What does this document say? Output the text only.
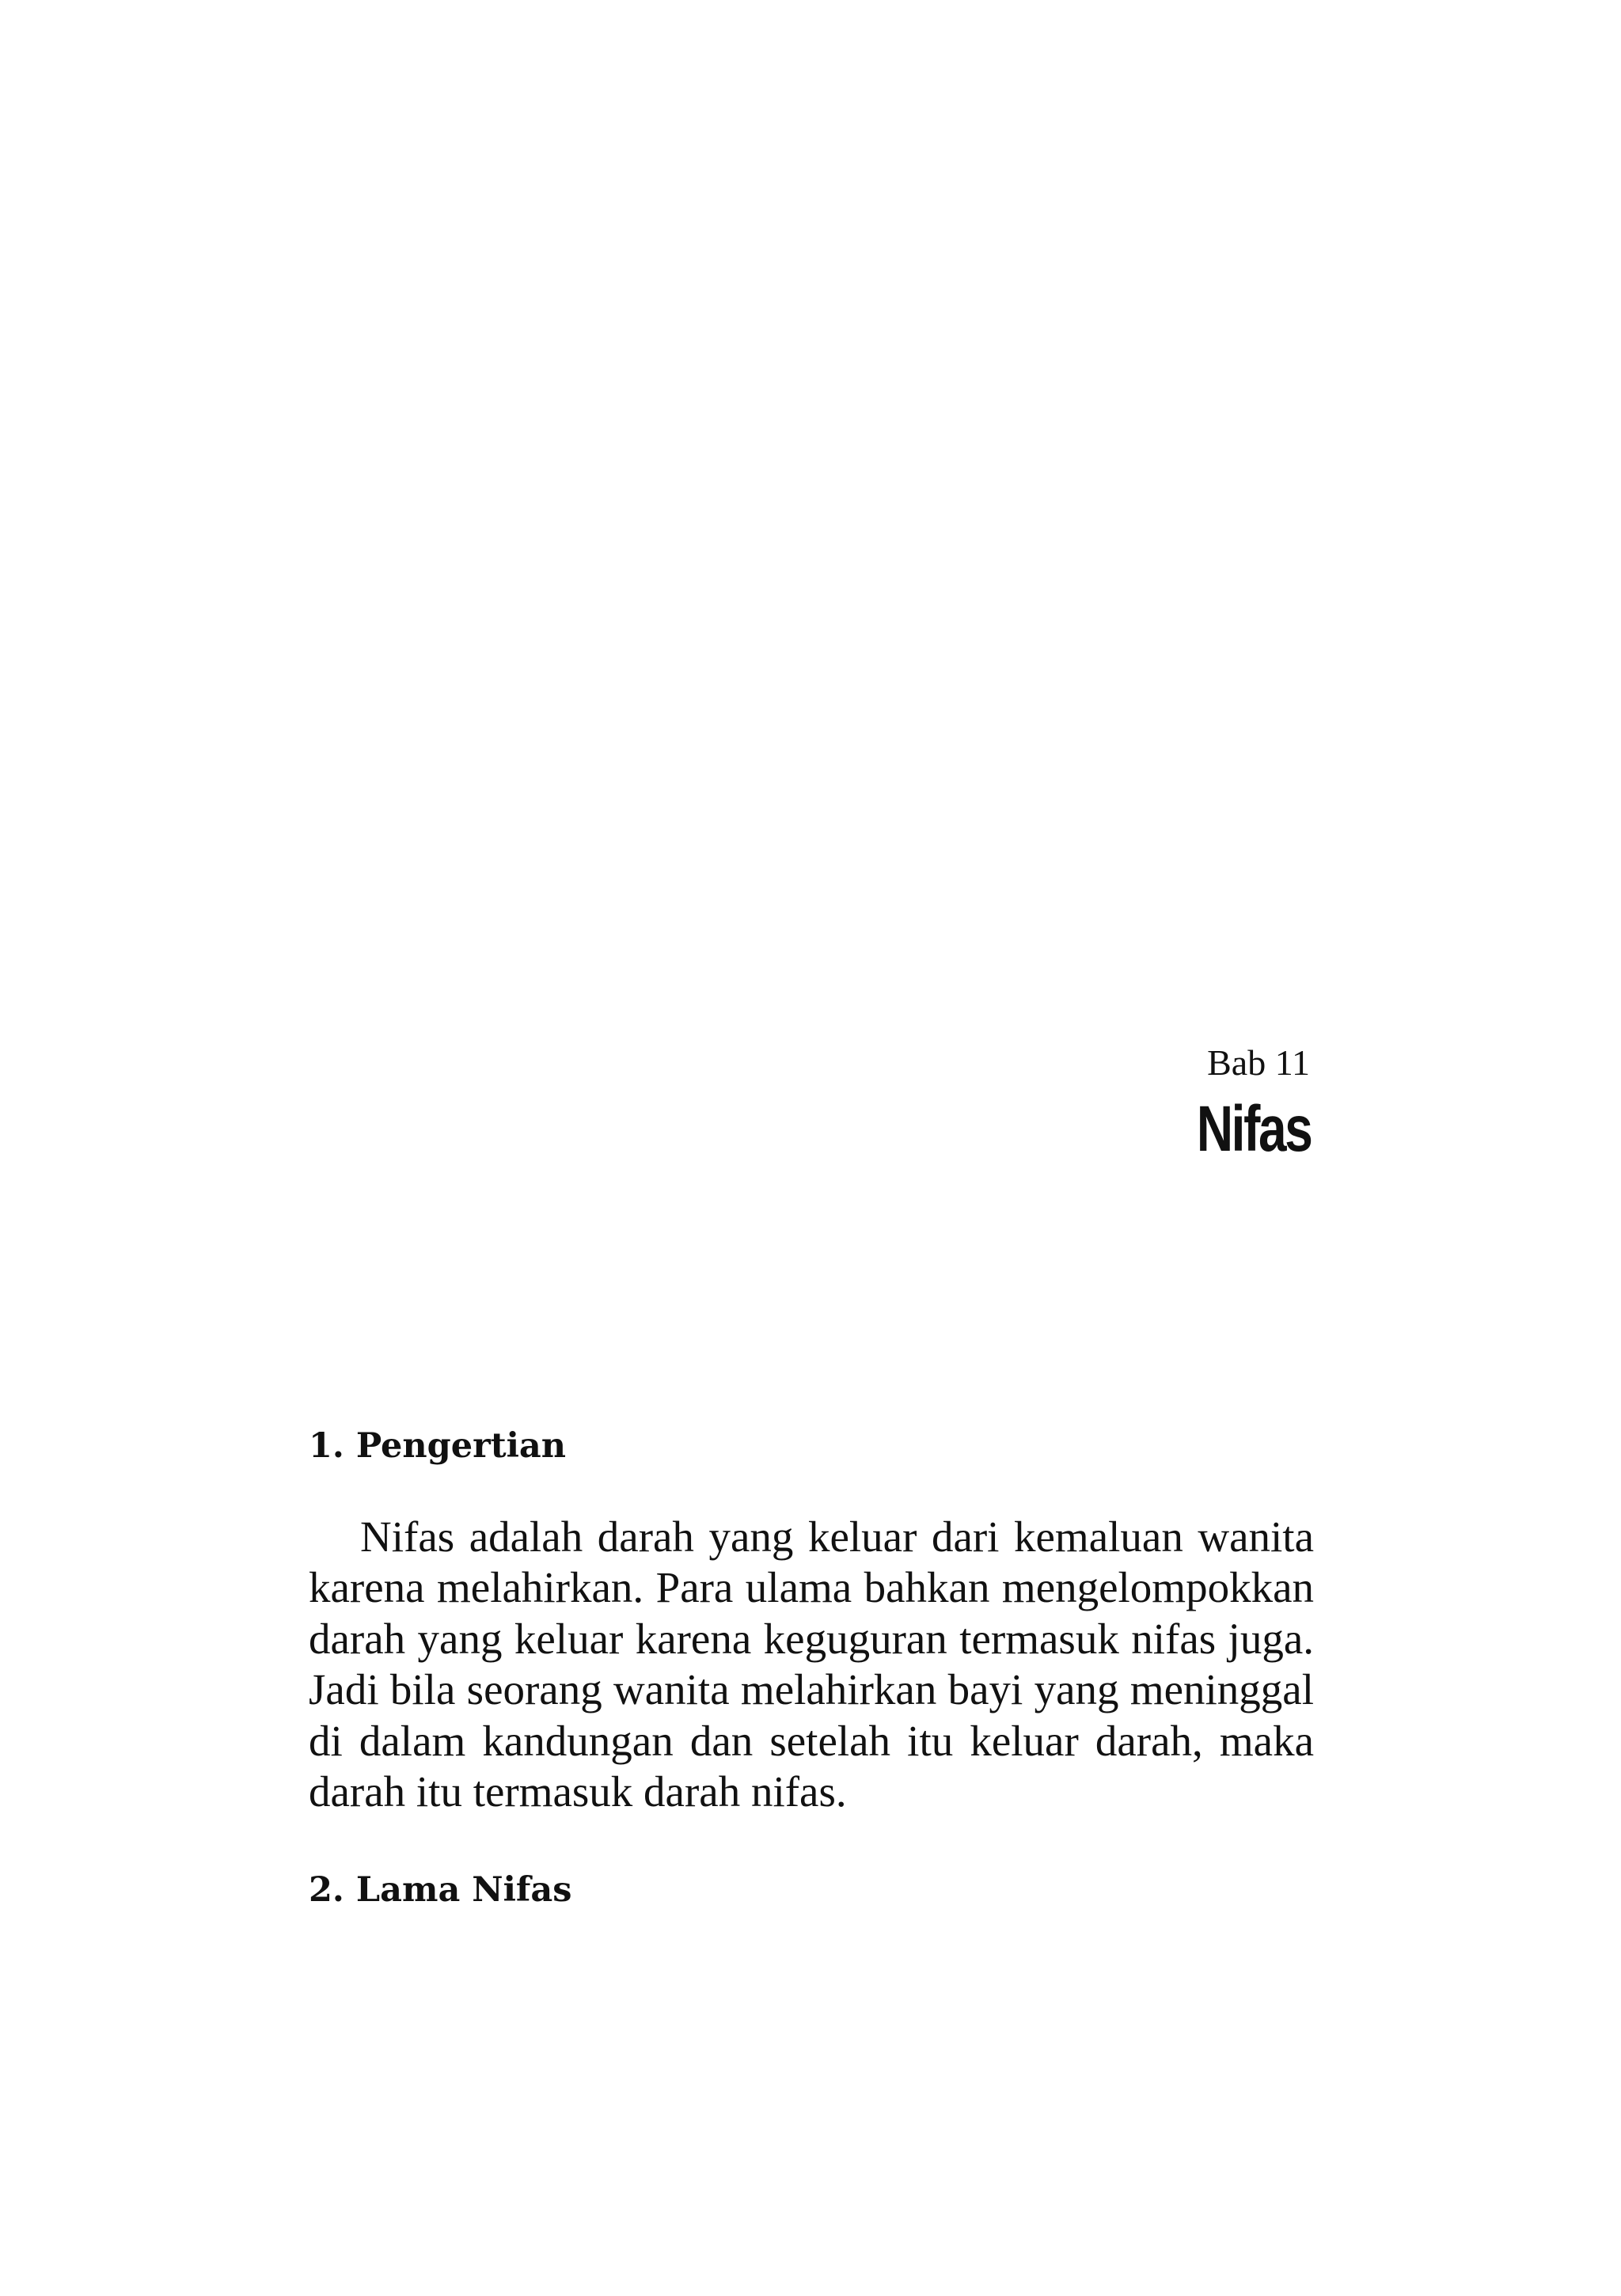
Bab 11
Nifas
1. Pengertian

Nifas adalah darah yang keluar dari kemaluan wanita karena melahirkan. Para ulama bahkan mengelompokkan darah yang keluar karena keguguran termasuk nifas juga. Jadi bila seorang wanita melahirkan bayi yang meninggal di dalam kandungan dan setelah itu keluar darah, maka darah itu termasuk darah nifas.

2. Lama Nifas
